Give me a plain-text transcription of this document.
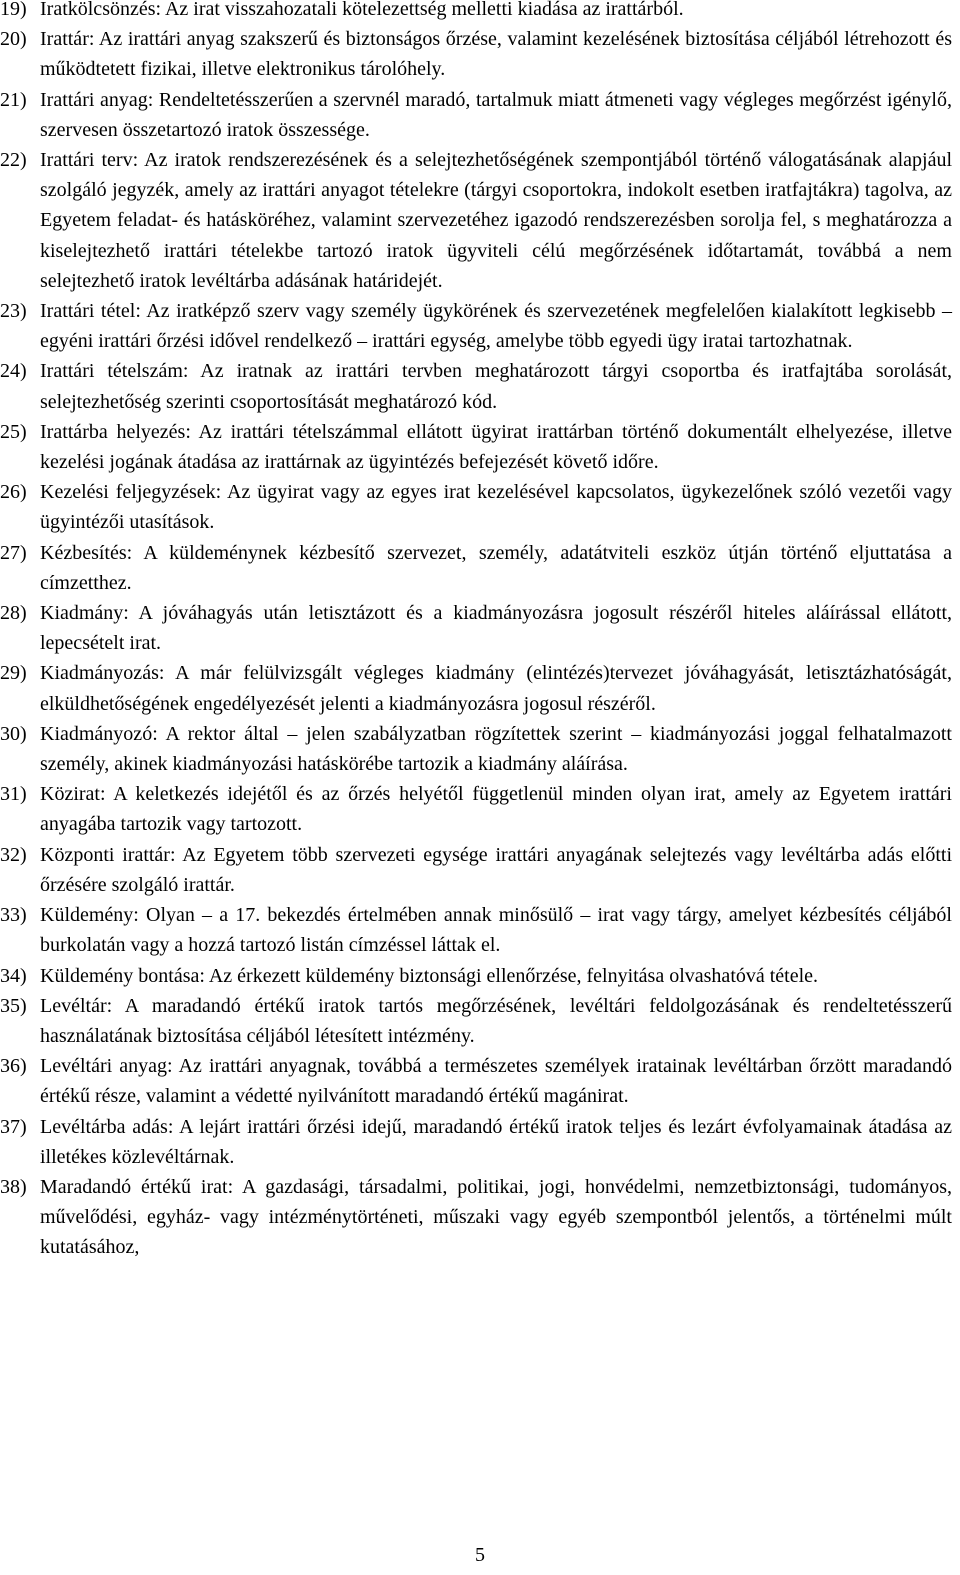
19) Iratkölcsönzés: Az irat visszahozatali kötelezettség melletti kiadása az irattárból.
20) Irattár: Az irattári anyag szakszerű és biztonságos őrzése, valamint kezelésének biztosítása céljából létrehozott és működtetett fizikai, illetve elektronikus tárolóhely.
21) Irattári anyag: Rendeltetésszerűen a szervnél maradó, tartalmuk miatt átmeneti vagy végleges megőrzést igénylő, szervesen összetartozó iratok összessége.
22) Irattári terv: Az iratok rendszerezésének és a selejtezhetőségének szempontjából történő válogatásának alapjául szolgáló jegyzék, amely az irattári anyagot tételekre (tárgyi csoportokra, indokolt esetben iratfajtákra) tagolva, az Egyetem feladat- és hatásköréhez, valamint szervezetéhez igazodó rendszerezésben sorolja fel, s meghatározza a kiselejtezhető irattári tételekbe tartozó iratok ügyviteli célú megőrzésének időtartamát, továbbá a nem selejtezhető iratok levéltárba adásának határidejét.
23) Irattári tétel: Az iratképző szerv vagy személy ügykörének és szervezetének megfelelően kialakított legkisebb – egyéni irattári őrzési idővel rendelkező – irattári egység, amelybe több egyedi ügy iratai tartozhatnak.
24) Irattári tételszám: Az iratnak az irattári tervben meghatározott tárgyi csoportba és iratfajtába sorolását, selejtezhetőség szerinti csoportosítását meghatározó kód.
25) Irattárba helyezés: Az irattári tételszámmal ellátott ügyirat irattárban történő dokumentált elhelyezése, illetve kezelési jogának átadása az irattárnak az ügyintézés befejezését követő időre.
26) Kezelési feljegyzések: Az ügyirat vagy az egyes irat kezelésével kapcsolatos, ügykezelőnek szóló vezetői vagy ügyintézői utasítások.
27) Kézbesítés: A küldeménynek kézbesítő szervezet, személy, adatátviteli eszköz útján történő eljuttatása a címzetthez.
28) Kiadmány: A jóváhagyás után letisztázott és a kiadmányozásra jogosult részéről hiteles aláírással ellátott, lepecsételt irat.
29) Kiadmányozás: A már felülvizsgált végleges kiadmány (elintézés)tervezet jóváhagyását, letisztázhatóságát, elküldhetőségének engedélyezését jelenti a kiadmányozásra jogosul részéről.
30) Kiadmányozó: A rektor által – jelen szabályzatban rögzítettek szerint – kiadmányozási joggal felhatalmazott személy, akinek kiadmányozási hatáskörébe tartozik a kiadmány aláírása.
31) Közirat: A keletkezés idejétől és az őrzés helyétől függetlenül minden olyan irat, amely az Egyetem irattári anyagába tartozik vagy tartozott.
32) Központi irattár: Az Egyetem több szervezeti egysége irattári anyagának selejtezés vagy levéltárba adás előtti őrzésére szolgáló irattár.
33) Küldemény: Olyan – a 17. bekezdés értelmében annak minősülő – irat vagy tárgy, amelyet kézbesítés céljából burkolatán vagy a hozzá tartozó listán címzéssel láttak el.
34) Küldemény bontása: Az érkezett küldemény biztonsági ellenőrzése, felnyitása olvashatóvá tétele.
35) Levéltár: A maradandó értékű iratok tartós megőrzésének, levéltári feldolgozásának és rendeltetésszerű használatának biztosítása céljából létesített intézmény.
36) Levéltári anyag: Az irattári anyagnak, továbbá a természetes személyek iratainak levéltárban őrzött maradandó értékű része, valamint a védetté nyilvánított maradandó értékű magánirat.
37) Levéltárba adás: A lejárt irattári őrzési idejű, maradandó értékű iratok teljes és lezárt évfolyamainak átadása az illetékes közlevéltárnak.
38) Maradandó értékű irat: A gazdasági, társadalmi, politikai, jogi, honvédelmi, nemzetbiztonsági, tudományos, művelődési, egyház- vagy intézménytörténeti, műszaki vagy egyéb szempontból jelentős, a történelmi múlt kutatásához,
5
